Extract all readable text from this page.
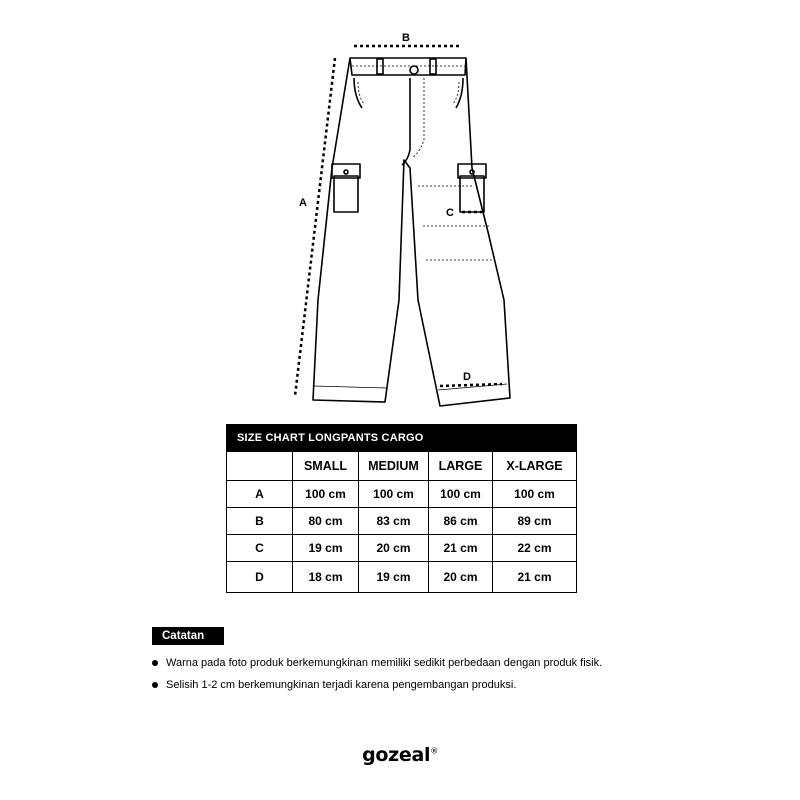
A
B
C
D
SIZE CHART LONGPANTS CARGO				
	SMALL	MEDIUM	LARGE	X-LARGE
A	100 cm	100 cm	100 cm	100 cm
B	80 cm	83 cm	86 cm	89 cm
C	19 cm	20 cm	21 cm	22 cm
D	18 cm	19 cm	20 cm	21 cm
Catatan
Warna pada foto produk berkemungkinan memiliki sedikit perbedaan dengan produk fisik.
Selisih 1-2 cm berkemungkinan terjadi karena pengembangan produksi.
gozeal®
